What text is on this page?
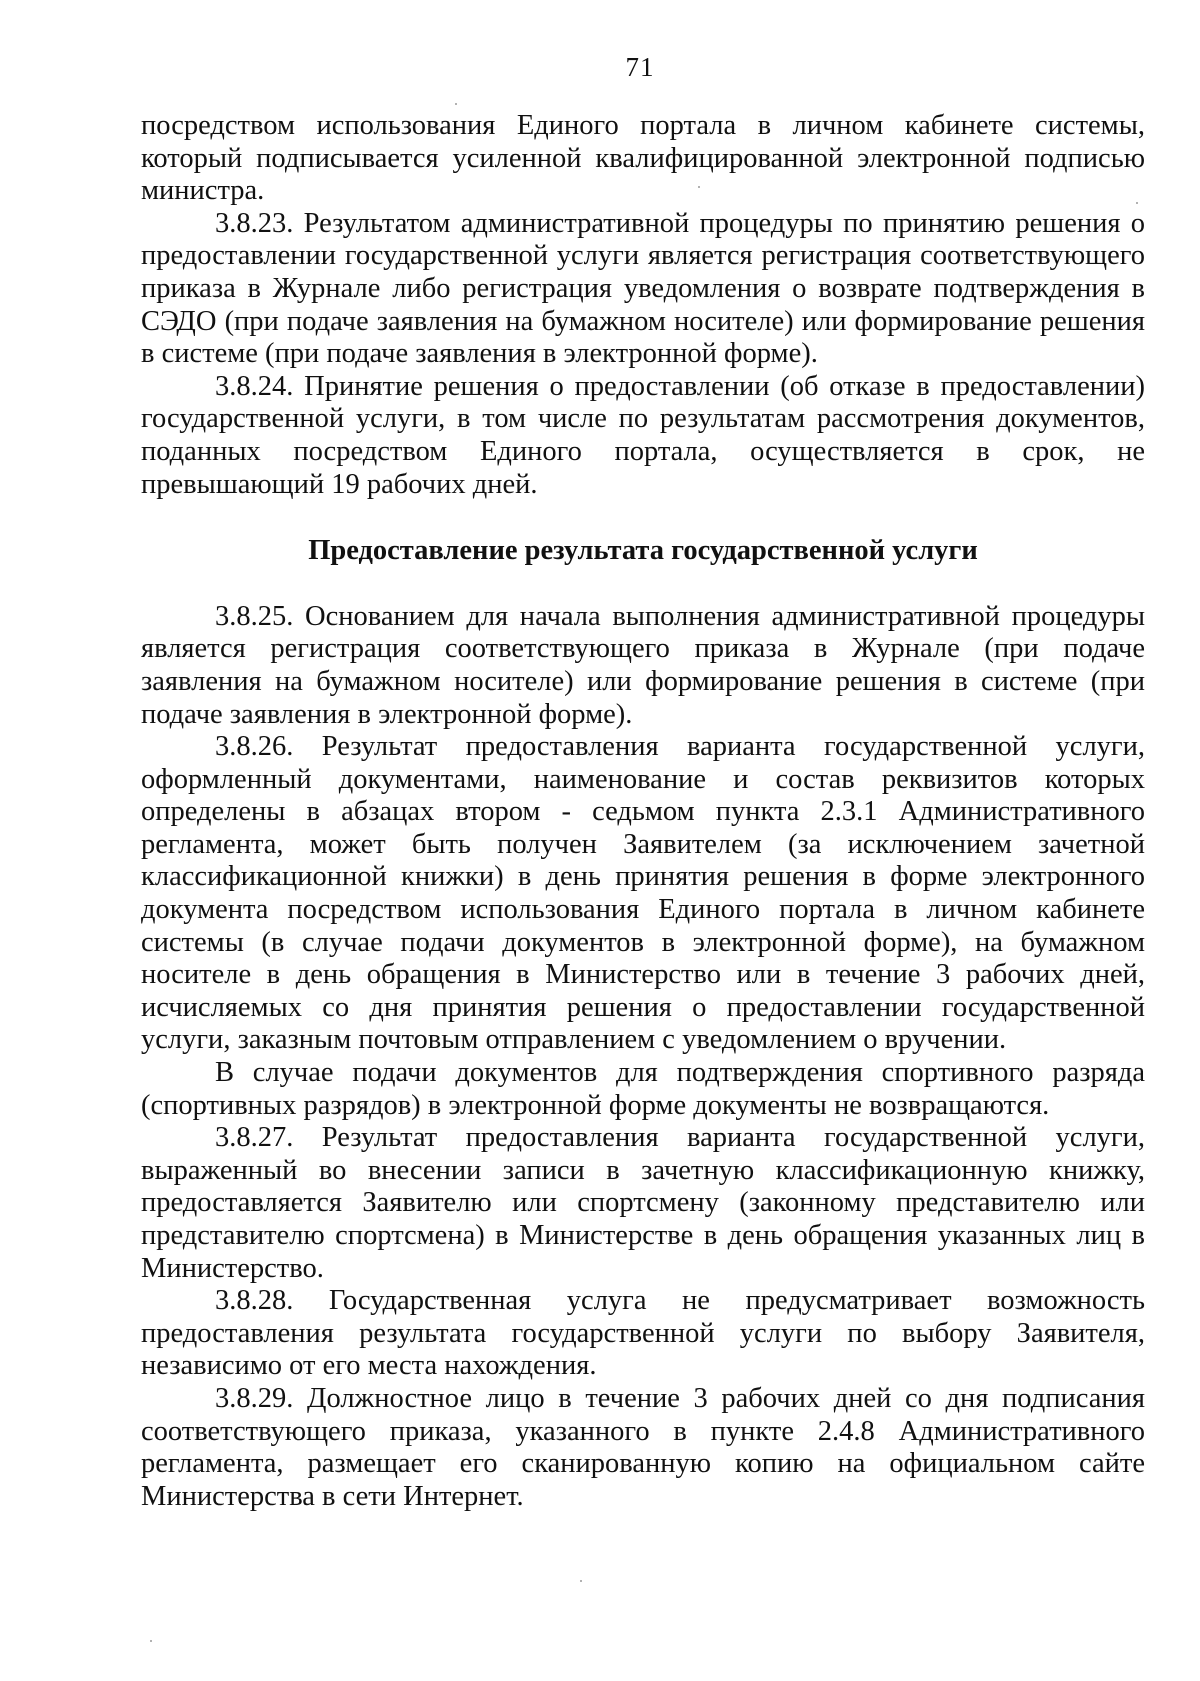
71

посредством использования Единого портала в личном кабинете системы, который подписывается усиленной квалифицированной электронной подписью министра.

3.8.23. Результатом административной процедуры по принятию решения о предоставлении государственной услуги является регистрация соответствующего приказа в Журнале либо регистрация уведомления о возврате подтверждения в СЭДО (при подаче заявления на бумажном носителе) или формирование решения в системе (при подаче заявления в электронной форме).

3.8.24. Принятие решения о предоставлении (об отказе в предоставлении) государственной услуги, в том числе по результатам рассмотрения документов, поданных посредством Единого портала, осуществляется в срок, не превышающий 19 рабочих дней.

Предоставление результата государственной услуги

3.8.25. Основанием для начала выполнения административной процедуры является регистрация соответствующего приказа в Журнале (при подаче заявления на бумажном носителе) или формирование решения в системе (при подаче заявления в электронной форме).

3.8.26. Результат предоставления варианта государственной услуги, оформленный документами, наименование и состав реквизитов которых определены в абзацах втором - седьмом пункта 2.3.1 Административного регламента, может быть получен Заявителем (за исключением зачетной классификационной книжки) в день принятия решения в форме электронного документа посредством использования Единого портала в личном кабинете системы (в случае подачи документов в электронной форме), на бумажном носителе в день обращения в Министерство или в течение 3 рабочих дней, исчисляемых со дня принятия решения о предоставлении государственной услуги, заказным почтовым отправлением с уведомлением о вручении.

В случае подачи документов для подтверждения спортивного разряда (спортивных разрядов) в электронной форме документы не возвращаются.

3.8.27. Результат предоставления варианта государственной услуги, выраженный во внесении записи в зачетную классификационную книжку, предоставляется Заявителю или спортсмену (законному представителю или представителю спортсмена) в Министерстве в день обращения указанных лиц в Министерство.

3.8.28. Государственная услуга не предусматривает возможность предоставления результата государственной услуги по выбору Заявителя, независимо от его места нахождения.

3.8.29. Должностное лицо в течение 3 рабочих дней со дня подписания соответствующего приказа, указанного в пункте 2.4.8 Административного регламента, размещает его сканированную копию на официальном сайте Министерства в сети Интернет.
